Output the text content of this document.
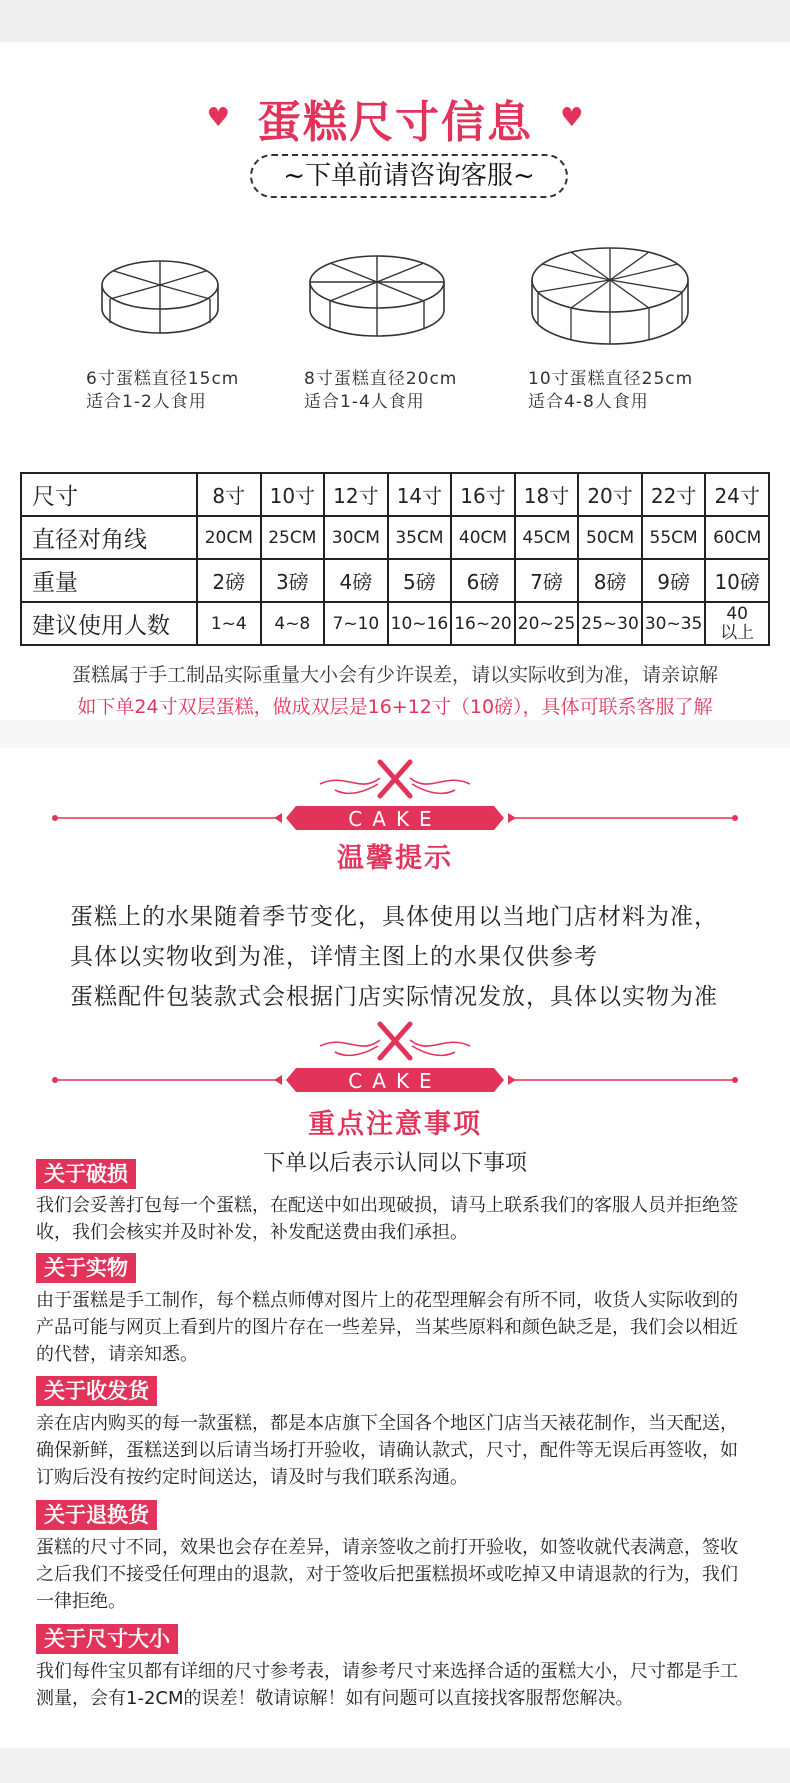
♥ 蛋糕尺寸信息 ♥
~下单前请咨询客服~
6寸蛋糕直径15cm
适合1-2人食用
8寸蛋糕直径20cm
适合1-4人食用
10寸蛋糕直径25cm
适合4-8人食用
尺寸	8寸	10寸	12寸	14寸	16寸	18寸	20寸	22寸	24寸
直径对角线	20CM	25CM	30CM	35CM	40CM	45CM	50CM	55CM	60CM
重量	2磅	3磅	4磅	5磅	6磅	7磅	8磅	9磅	10磅
建议使用人数	1~4	4~8	7~10	10~16	16~20	20~25	25~30	30~35	40
以上
蛋糕属于手工制品实际重量大小会有少许误差，请以实际收到为准，请亲谅解
如下单24寸双层蛋糕，做成双层是16+12寸（10磅），具体可联系客服了解
CAKE
温馨提示
蛋糕上的水果随着季节变化，具体使用以当地门店材料为准，
具体以实物收到为准，详情主图上的水果仅供参考
蛋糕配件包装款式会根据门店实际情况发放，具体以实物为准
CAKE
重点注意事项
下单以后表示认同以下事项
关于破损
我们会妥善打包每一个蛋糕，在配送中如出现破损，请马上联系我们的客服人员并拒绝签收，我们会核实并及时补发，补发配送费由我们承担。
关于实物
由于蛋糕是手工制作，每个糕点师傅对图片上的花型理解会有所不同，收货人实际收到的产品可能与网页上看到片的图片存在一些差异，当某些原料和颜色缺乏是，我们会以相近的代替，请亲知悉。
关于收发货
亲在店内购买的每一款蛋糕，都是本店旗下全国各个地区门店当天裱花制作，当天配送，确保新鲜，蛋糕送到以后请当场打开验收，请确认款式，尺寸，配件等无误后再签收，如订购后没有按约定时间送达，请及时与我们联系沟通。
关于退换货
蛋糕的尺寸不同，效果也会存在差异，请亲签收之前打开验收，如签收就代表满意，签收之后我们不接受任何理由的退款，对于签收后把蛋糕损坏或吃掉又申请退款的行为，我们一律拒绝。
关于尺寸大小
我们每件宝贝都有详细的尺寸参考表，请参考尺寸来选择合适的蛋糕大小，尺寸都是手工测量，会有1-2CM的误差！敬请谅解！如有问题可以直接找客服帮您解决。
